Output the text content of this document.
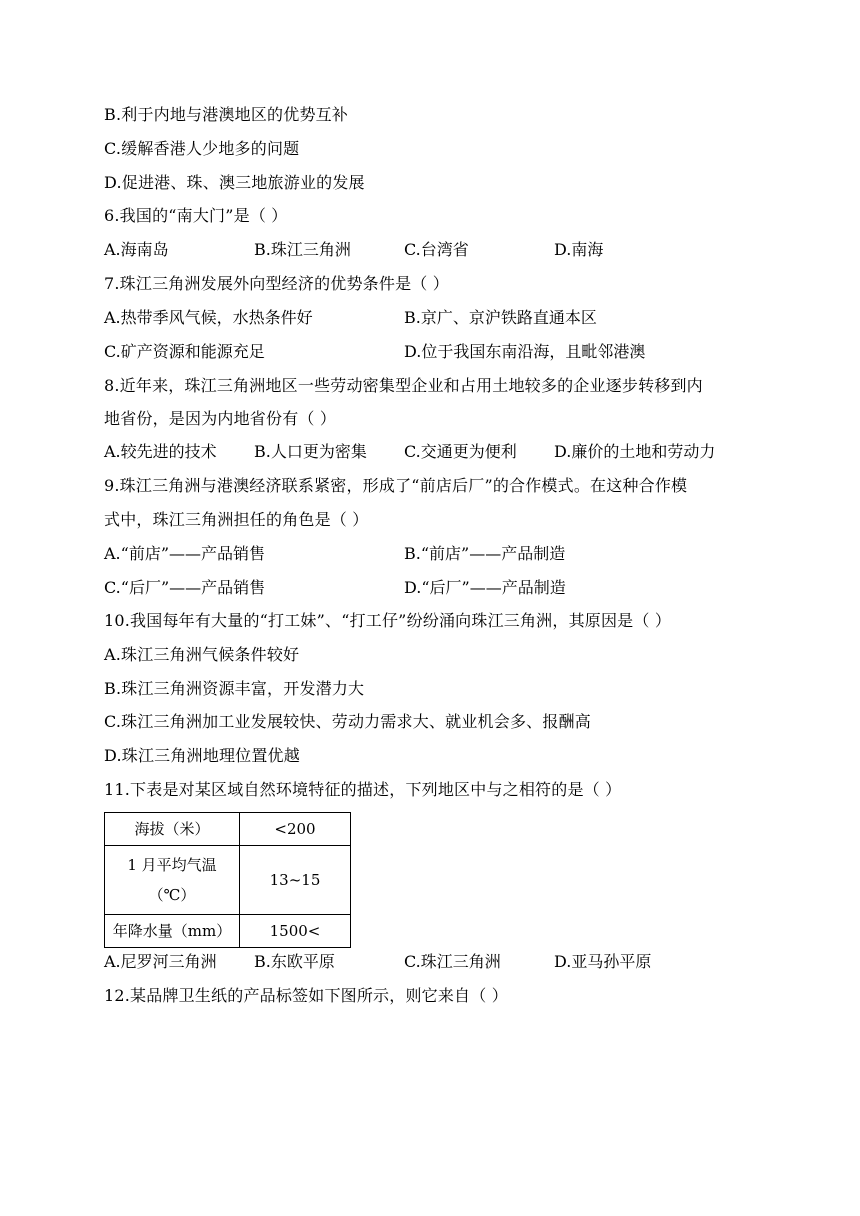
B.利于内地与港澳地区的优势互补
C.缓解香港人少地多的问题
D.促进港、珠、澳三地旅游业的发展
6.我国的“南大门”是（ ）
A.海南岛	B.珠江三角洲	C.台湾省	D.南海
7.珠江三角洲发展外向型经济的优势条件是（ ）
A.热带季风气候，水热条件好	B.京广、京沪铁路直通本区
C.矿产资源和能源充足	D.位于我国东南沿海，且毗邻港澳
8.近年来，珠江三角洲地区一些劳动密集型企业和占用土地较多的企业逐步转移到内
地省份，是因为内地省份有（ ）
A.较先进的技术 B.人口更为密集 C.交通更为便利 D.廉价的土地和劳动力
9.珠江三角洲与港澳经济联系紧密，形成了“前店后厂”的合作模式。在这种合作模
式中，珠江三角洲担任的角色是（ ）
A.“前店”——产品销售	B.“前店”——产品制造
C.“后厂”——产品销售	D.“后厂”——产品制造
10.我国每年有大量的“打工妹”、“打工仔”纷纷涌向珠江三角洲，其原因是（ ）
A.珠江三角洲气候条件较好
B.珠江三角洲资源丰富，开发潜力大
C.珠江三角洲加工业发展较快、劳动力需求大、就业机会多、报酬高
D.珠江三角洲地理位置优越
11.下表是对某区域自然环境特征的描述，下列地区中与之相符的是（ ）
海拔（米）	<200

1 月平均气温
（℃）	13~15
年降水量（mm）	1500<
A.尼罗河三角洲 B.东欧平原	C.珠江三角洲	D.亚马孙平原
12.某品牌卫生纸的产品标签如下图所示，则它来自（ ）
